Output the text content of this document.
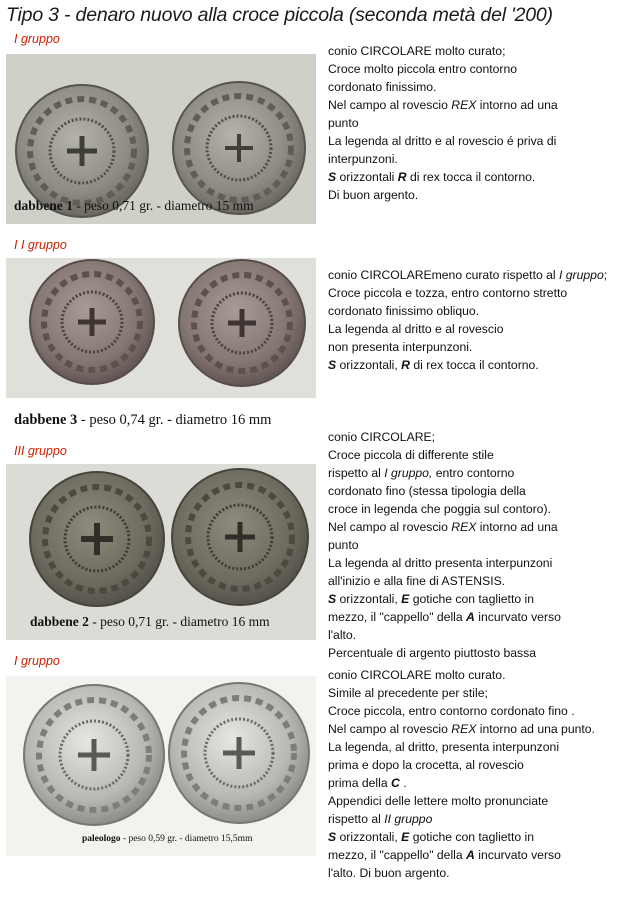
Tipo 3 - denaro nuovo alla croce piccola (seconda metà del '200)
I gruppo
dabbene 1 - peso 0,71 gr. - diametro 15 mm
conio CIRCOLARE molto curato;
Croce molto piccola entro contorno
cordonato finissimo.
Nel campo al rovescio REX intorno ad una
punto
La legenda al dritto e al rovescio é priva di
interpunzoni.
S orizzontali R di rex tocca il contorno.
Di buon argento.
I I gruppo
dabbene 3 - peso 0,74 gr. - diametro 16 mm
conio CIRCOLAREmeno curato rispetto al I gruppo;
Croce piccola e tozza, entro contorno stretto
cordonato finissimo obliquo.
La legenda al dritto e al rovescio
non presenta interpunzoni.
S orizzontali, R di rex tocca il contorno.
III gruppo
dabbene 2 - peso 0,71 gr. - diametro 16 mm
conio CIRCOLARE;
Croce piccola di differente stile
rispetto al I gruppo, entro contorno
cordonato fino (stessa tipologia della
croce in legenda che poggia sul contoro).
Nel campo al rovescio REX intorno ad una
punto
La legenda al dritto presenta interpunzoni
all'inizio e alla fine di ASTENSIS.
S orizzontali, E gotiche con taglietto in
mezzo, il "cappello" della A incurvato verso
l'alto.
Percentuale di argento piuttosto bassa
I gruppo
paleologo - peso 0,59 gr. - diametro 15,5mm
conio CIRCOLARE molto curato.
Simile al precedente per stile;
Croce piccola, entro contorno cordonato fino .
Nel campo al rovescio REX intorno ad una punto.
La legenda, al dritto, presenta interpunzoni
prima e dopo la crocetta, al rovescio
prima della C .
Appendici delle lettere molto pronunciate
rispetto al II gruppo
S orizzontali, E gotiche con taglietto in
mezzo, il "cappello" della A incurvato verso
l'alto. Di buon argento.
